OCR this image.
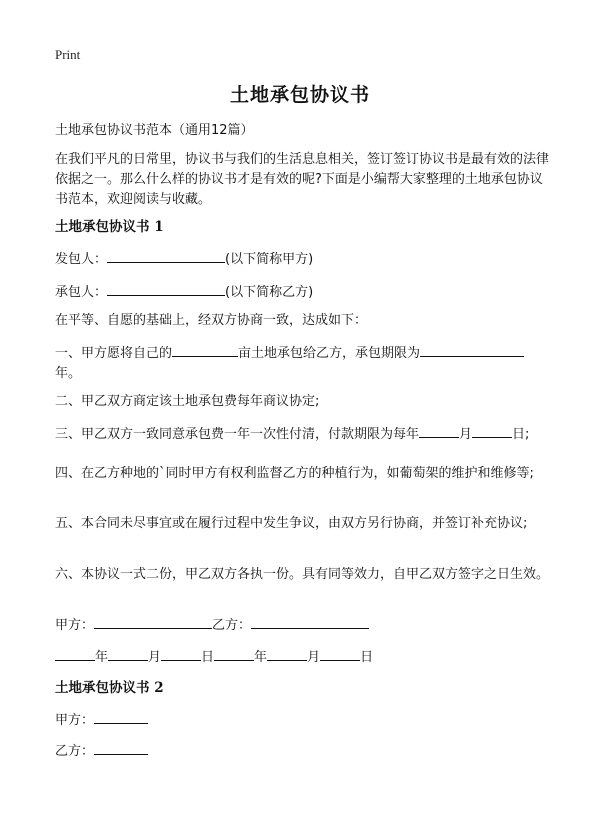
Print
土地承包协议书
土地承包协议书范本（通用12篇）
在我们平凡的日常里，协议书与我们的生活息息相关，签订签订协议书是最有效的法律依据之一。那么什么样的协议书才是有效的呢?下面是小编帮大家整理的土地承包协议书范本，欢迎阅读与收藏。
土地承包协议书 1
发包人：	(以下简称甲方)
承包人：	(以下简称乙方)
在平等、自愿的基础上，经双方协商一致，达成如下：
一、甲方愿将自己的	亩土地承包给乙方，承包期限为
年。
二、甲乙双方商定该土地承包费每年商议协定;
三、甲乙双方一致同意承包费一年一次性付清，付款期限为每年	月	日;
四、在乙方种地的`同时甲方有权利监督乙方的种植行为，如葡萄架的维护和维修等;
五、本合同未尽事宜或在履行过程中发生争议，由双方另行协商，并签订补充协议;
六、本协议一式二份，甲乙双方各执一份。具有同等效力，自甲乙双方签字之日生效。
甲方：	乙方：
年	月	日	年	月	日
土地承包协议书 2
甲方：
乙方：
